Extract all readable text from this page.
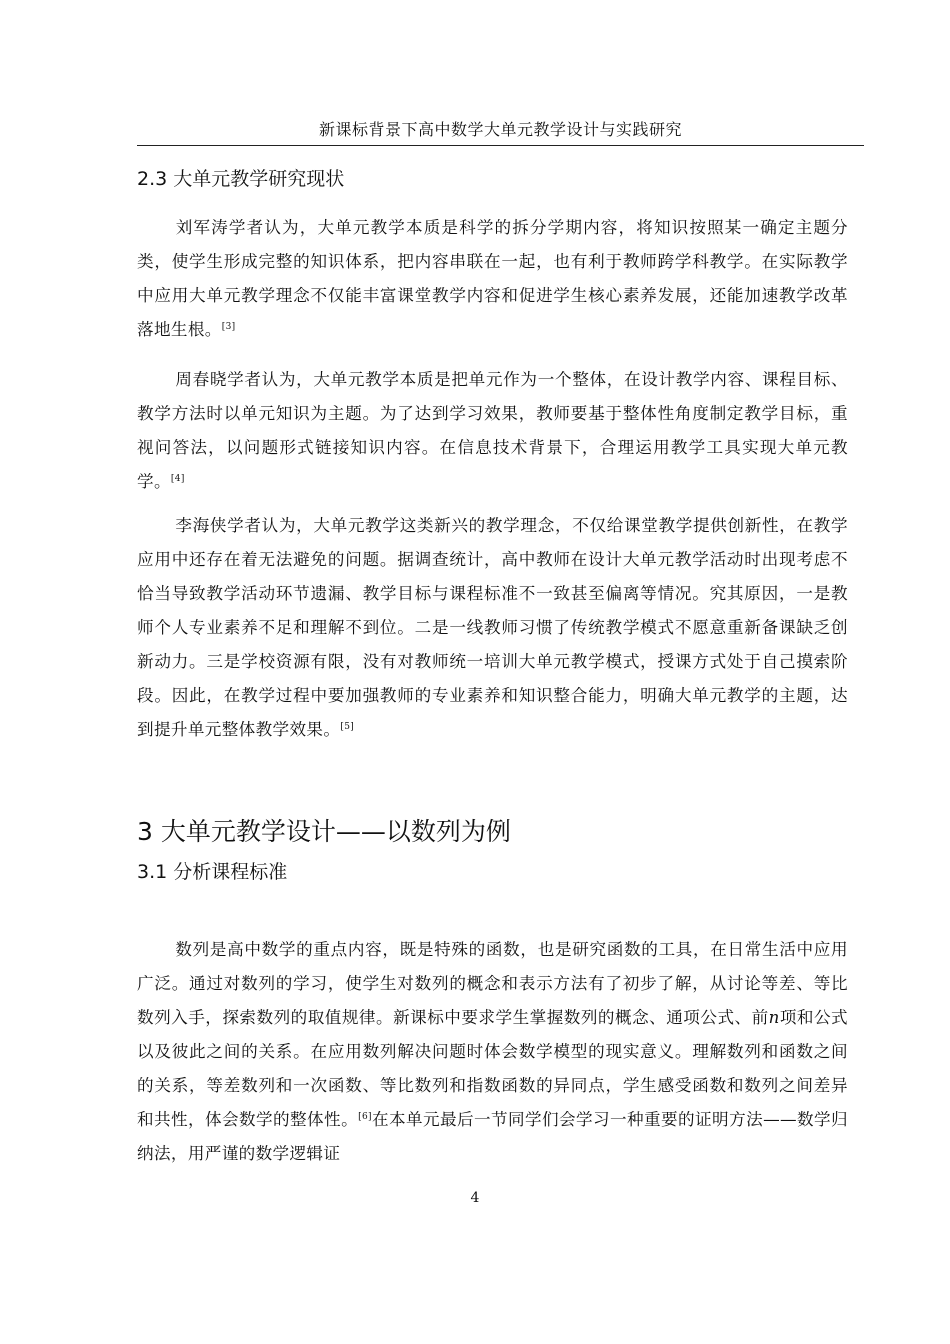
新课标背景下高中数学大单元教学设计与实践研究
2.3 大单元教学研究现状

刘军涛学者认为，大单元教学本质是科学的拆分学期内容，将知识按照某一确定主题分类，使学生形成完整的知识体系，把内容串联在一起，也有利于教师跨学科教学。在实际教学中应用大单元教学理念不仅能丰富课堂教学内容和促进学生核心素养发展，还能加速教学改革落地生根。[3]

周春晓学者认为，大单元教学本质是把单元作为一个整体，在设计教学内容、课程目标、教学方法时以单元知识为主题。为了达到学习效果，教师要基于整体性角度制定教学目标，重视问答法，以问题形式链接知识内容。在信息技术背景下，合理运用教学工具实现大单元教学。[4]

李海侠学者认为，大单元教学这类新兴的教学理念，不仅给课堂教学提供创新性，在教学应用中还存在着无法避免的问题。据调查统计，高中教师在设计大单元教学活动时出现考虑不恰当导致教学活动环节遗漏、教学目标与课程标准不一致甚至偏离等情况。究其原因，一是教师个人专业素养不足和理解不到位。二是一线教师习惯了传统教学模式不愿意重新备课缺乏创新动力。三是学校资源有限，没有对教师统一培训大单元教学模式，授课方式处于自己摸索阶段。因此，在教学过程中要加强教师的专业素养和知识整合能力，明确大单元教学的主题，达到提升单元整体教学效果。[5]

3 大单元教学设计——以数列为例
3.1 分析课程标准

数列是高中数学的重点内容，既是特殊的函数，也是研究函数的工具，在日常生活中应用广泛。通过对数列的学习，使学生对数列的概念和表示方法有了初步了解，从讨论等差、等比数列入手，探索数列的取值规律。新课标中要求学生掌握数列的概念、通项公式、前n项和公式以及彼此之间的关系。在应用数列解决问题时体会数学模型的现实意义。理解数列和函数之间的关系，等差数列和一次函数、等比数列和指数函数的异同点，学生感受函数和数列之间差异和共性，体会数学的整体性。[6]在本单元最后一节同学们会学习一种重要的证明方法——数学归纳法，用严谨的数学逻辑证

4
